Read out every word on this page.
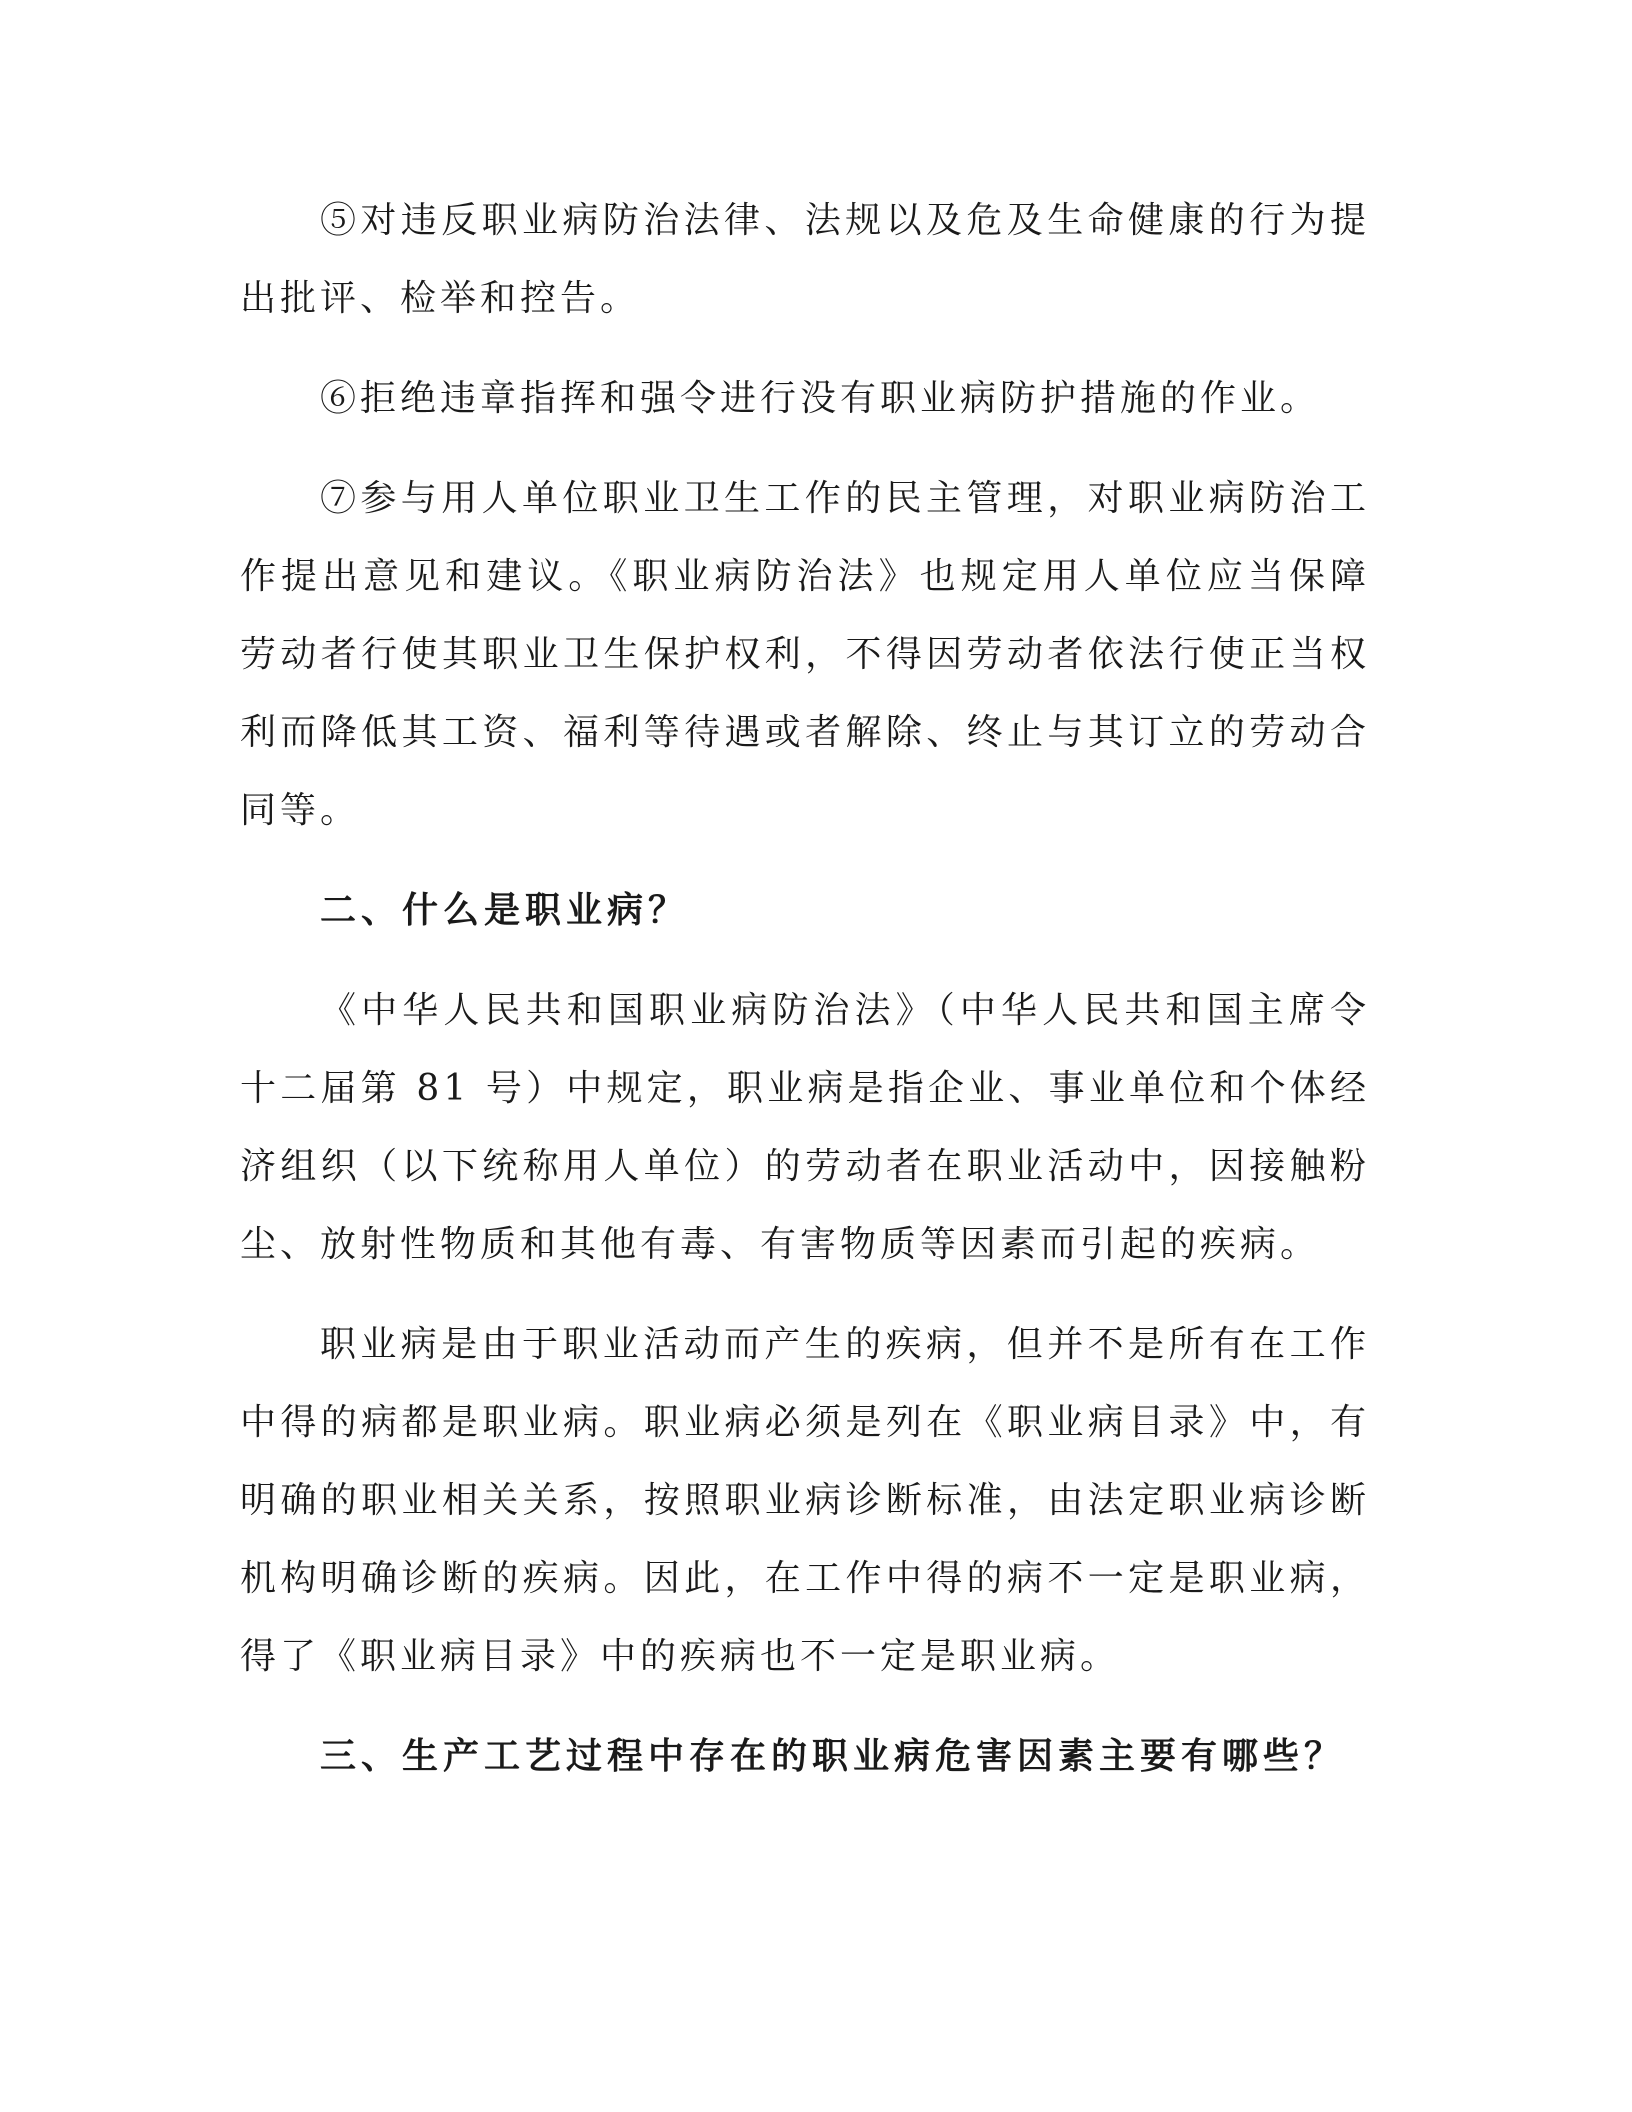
⑤对违反职业病防治法律、法规以及危及生命健康的行为提出批评、检举和控告。

⑥拒绝违章指挥和强令进行没有职业病防护措施的作业。

⑦参与用人单位职业卫生工作的民主管理，对职业病防治工作提出意见和建议。《职业病防治法》也规定用人单位应当保障劳动者行使其职业卫生保护权利，不得因劳动者依法行使正当权利而降低其工资、福利等待遇或者解除、终止与其订立的劳动合同等。

二、什么是职业病？

《中华人民共和国职业病防治法》（中华人民共和国主席令十二届第 81 号）中规定，职业病是指企业、事业单位和个体经济组织（以下统称用人单位）的劳动者在职业活动中，因接触粉尘、放射性物质和其他有毒、有害物质等因素而引起的疾病。

职业病是由于职业活动而产生的疾病，但并不是所有在工作中得的病都是职业病。职业病必须是列在《职业病目录》中，有明确的职业相关关系，按照职业病诊断标准，由法定职业病诊断机构明确诊断的疾病。因此，在工作中得的病不一定是职业病，得了《职业病目录》中的疾病也不一定是职业病。

三、生产工艺过程中存在的职业病危害因素主要有哪些？
